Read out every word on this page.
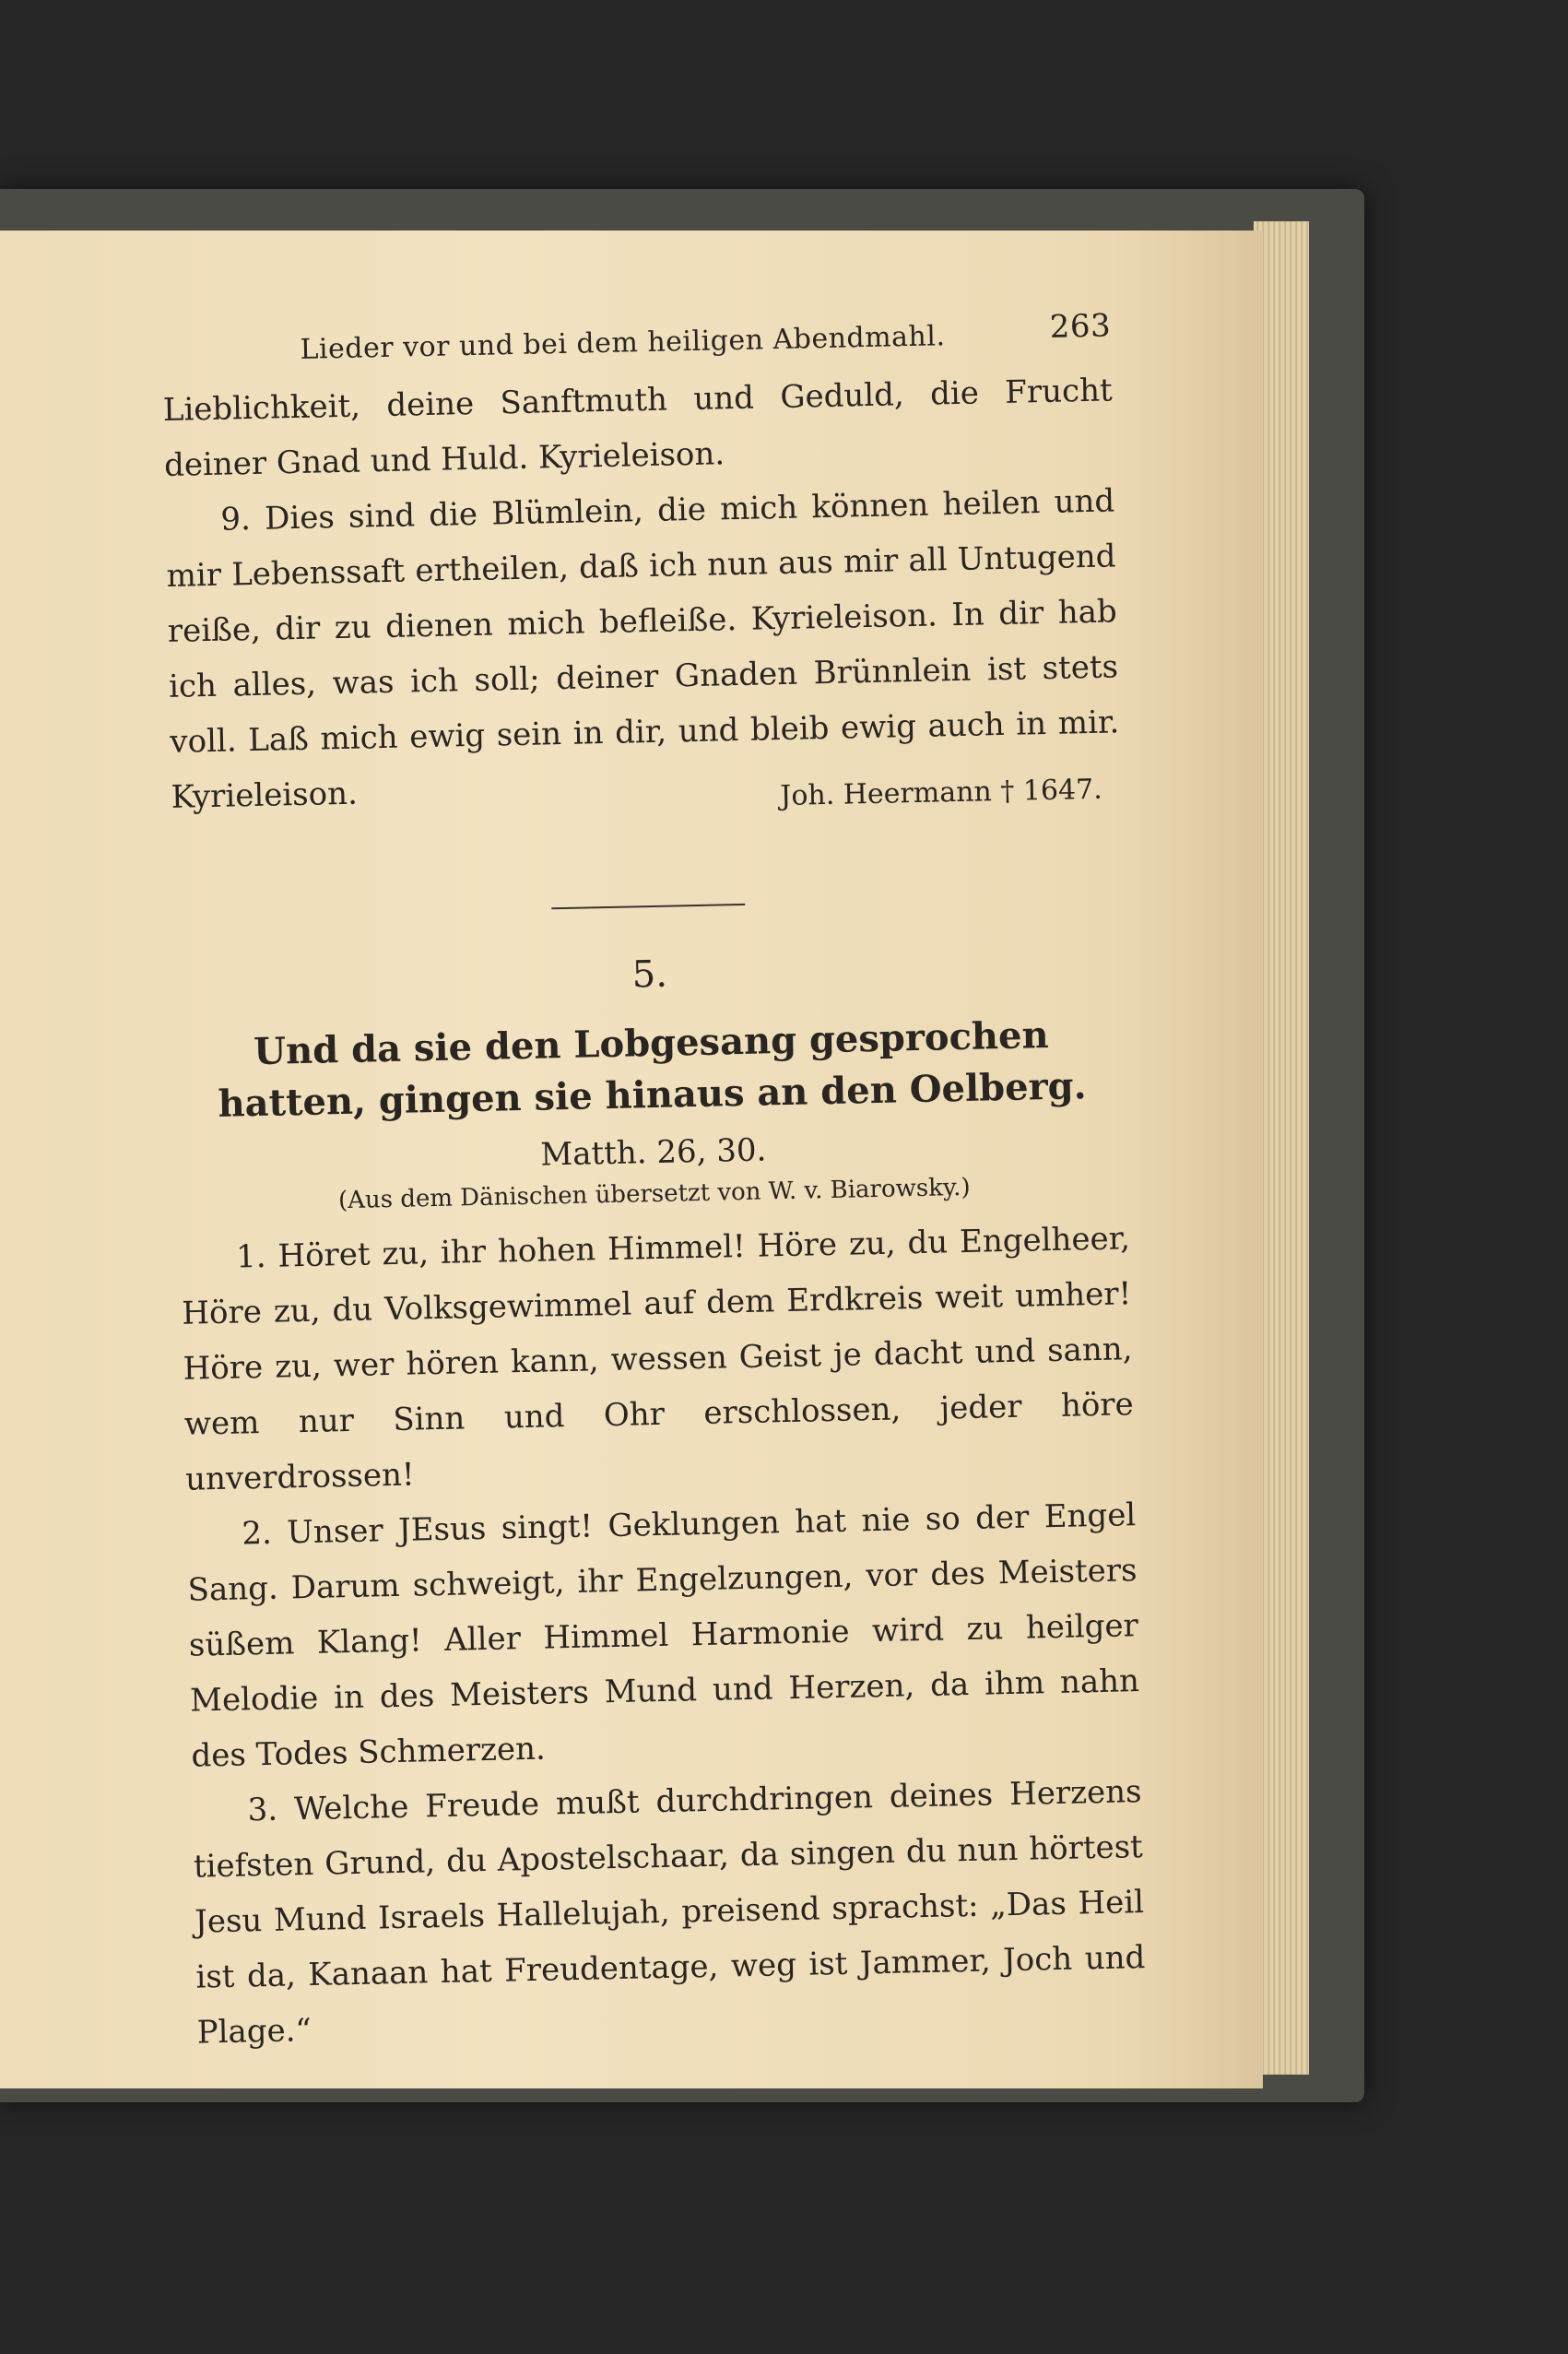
Lieder vor und bei dem heiligen Abendmahl.	263

Lieblichkeit, deine Sanftmuth und Geduld, die Frucht deiner Gnad und Huld. Kyrieleison.

9. Dies sind die Blümlein, die mich können heilen und mir Lebenssaft ertheilen, daß ich nun aus mir all Untugend reiße, dir zu dienen mich befleiße. Kyrieleison. In dir hab ich alles, was ich soll; deiner Gnaden Brünnlein ist stets voll. Laß mich ewig sein in dir, und bleib ewig auch in mir. Kyrieleison.	Joh. Heermann † 1647.
5.
Und da sie den Lobgesang gesprochen hatten, gingen sie hinaus an den Oelberg.
Matth. 26, 30.
(Aus dem Dänischen übersetzt von W. v. Biarowsky.)

1. Höret zu, ihr hohen Himmel! Höre zu, du Engelheer, Höre zu, du Volksgewimmel auf dem Erdkreis weit umher! Höre zu, wer hören kann, wessen Geist je dacht und sann, wem nur Sinn und Ohr erschlossen, jeder höre unverdrossen!

2. Unser JEsus singt! Geklungen hat nie so der Engel Sang. Darum schweigt, ihr Engelzungen, vor des Meisters süßem Klang! Aller Himmel Harmonie wird zu heilger Melodie in des Meisters Mund und Herzen, da ihm nahn des Todes Schmerzen.

3. Welche Freude mußt durchdringen deines Herzens tiefsten Grund, du Apostelschaar, da singen du nun hörtest Jesu Mund Israels Hallelujah, preisend sprachst: „Das Heil ist da, Kanaan hat Freudentage, weg ist Jammer, Joch und Plage.“
